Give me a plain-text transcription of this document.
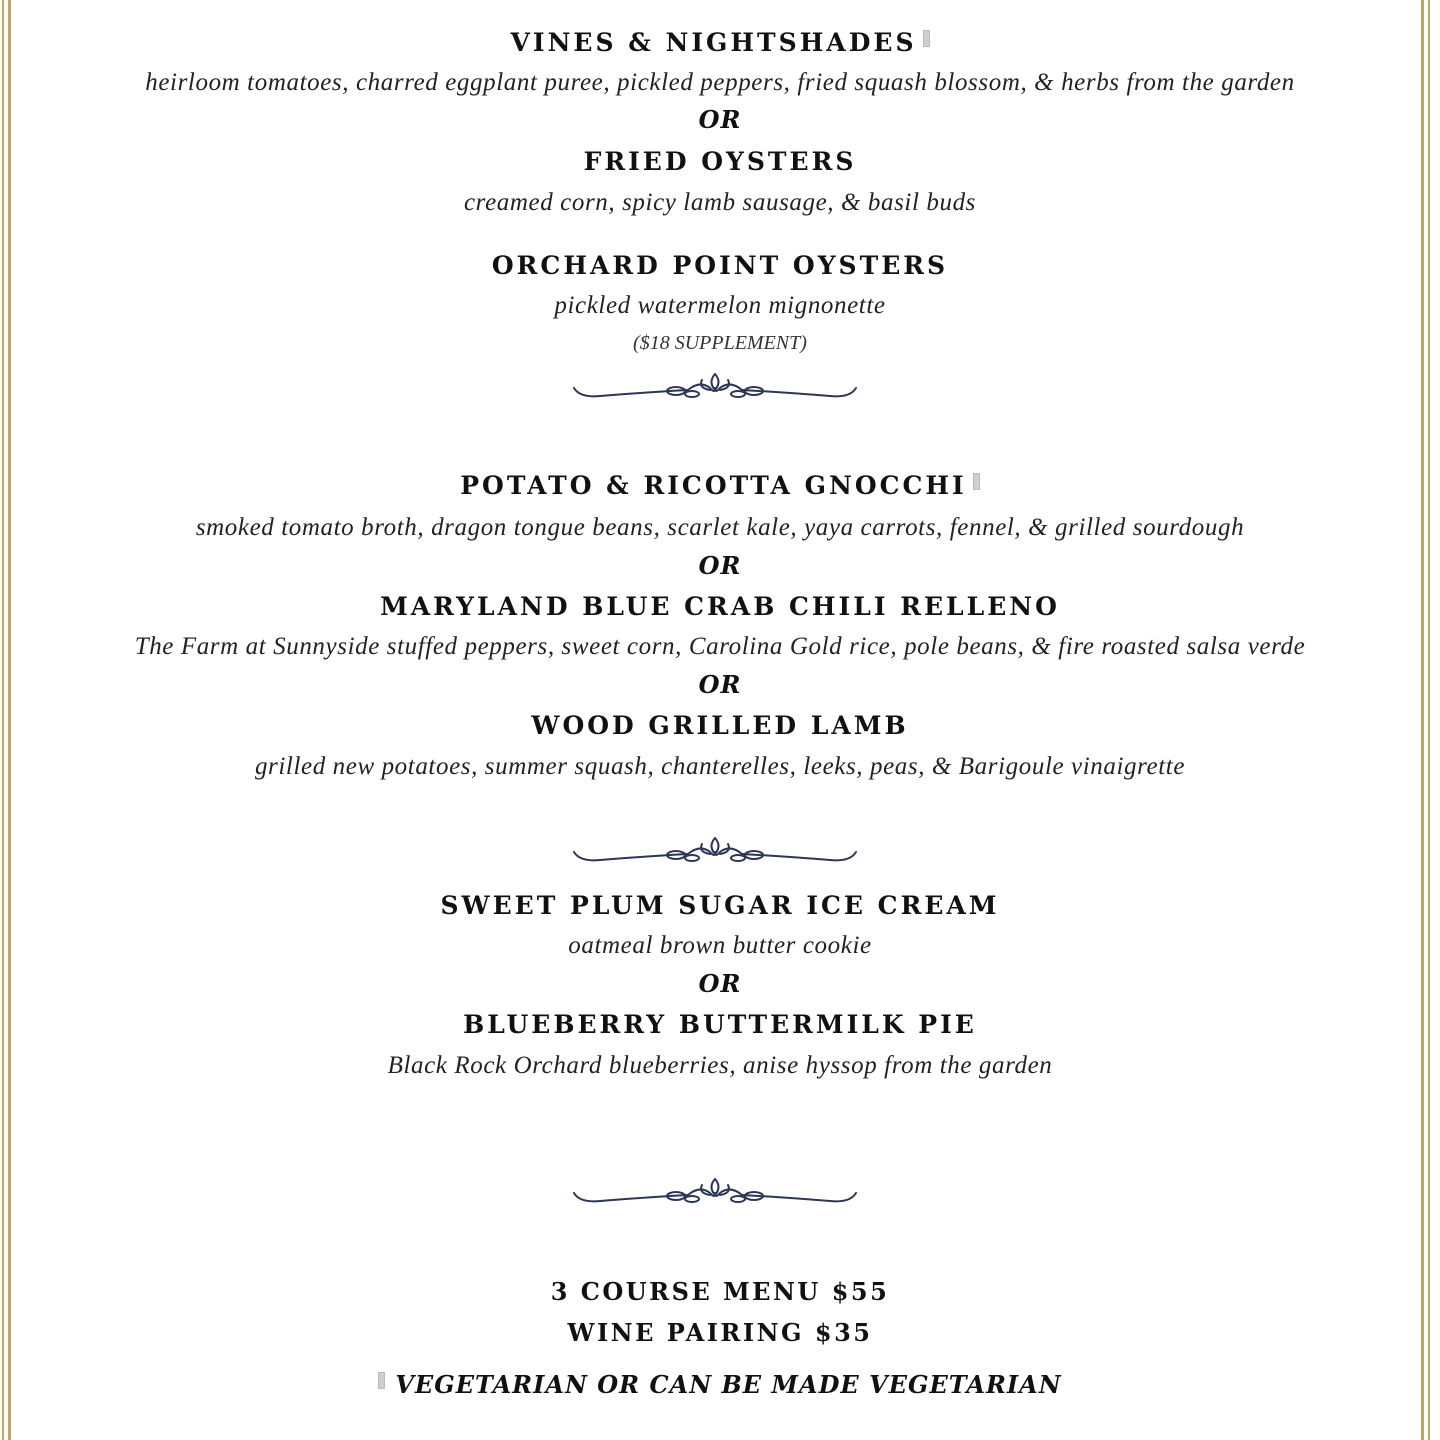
VINES & NIGHTSHADES
heirloom tomatoes, charred eggplant puree, pickled peppers, fried squash blossom, & herbs from the garden
OR
FRIED OYSTERS
creamed corn, spicy lamb sausage, & basil buds
ORCHARD POINT OYSTERS
pickled watermelon mignonette
($18 SUPPLEMENT)
POTATO & RICOTTA GNOCCHI
smoked tomato broth, dragon tongue beans, scarlet kale, yaya carrots, fennel, & grilled sourdough
OR
MARYLAND BLUE CRAB CHILI RELLENO
The Farm at Sunnyside stuffed peppers, sweet corn, Carolina Gold rice, pole beans, & fire roasted salsa verde
OR
WOOD GRILLED LAMB
grilled new potatoes, summer squash, chanterelles, leeks, peas, & Barigoule vinaigrette
SWEET PLUM SUGAR ICE CREAM
oatmeal brown butter cookie
OR
BLUEBERRY BUTTERMILK PIE
Black Rock Orchard blueberries, anise hyssop from the garden
3 COURSE MENU $55
WINE PAIRING $35
VEGETARIAN OR CAN BE MADE VEGETARIAN
